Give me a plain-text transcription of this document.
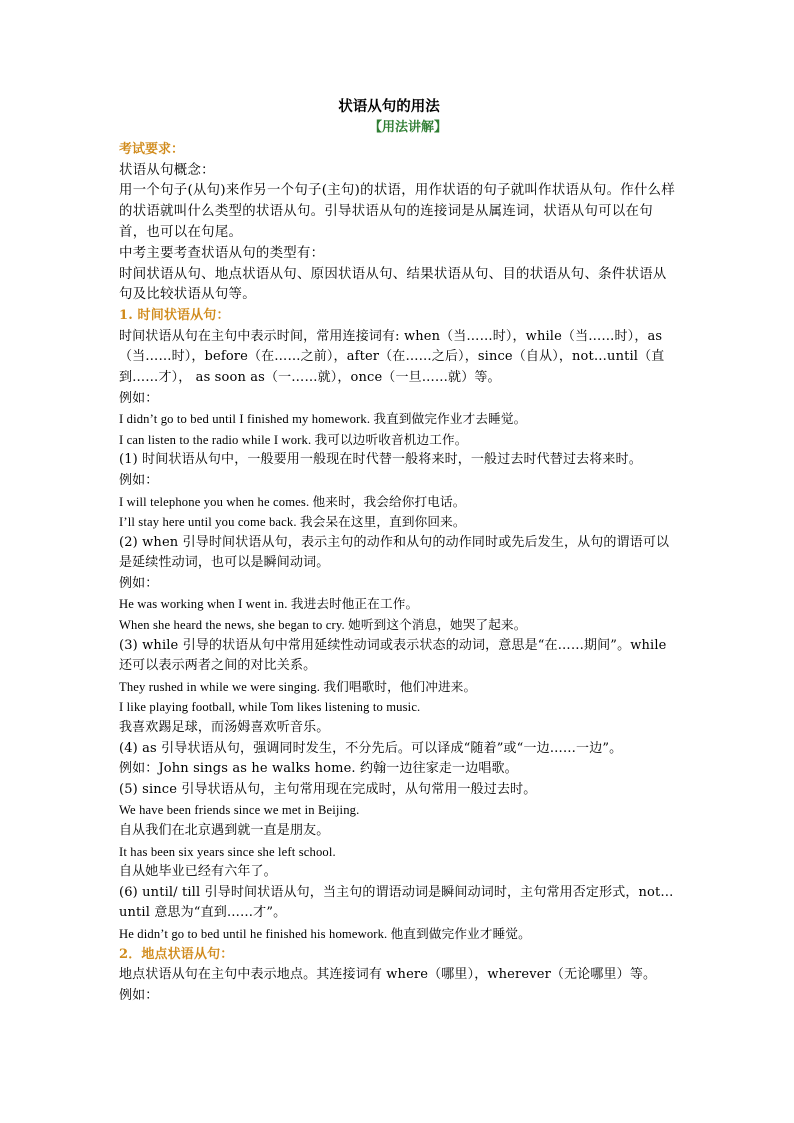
状语从句的用法
【用法讲解】
考试要求：

状语从句概念：

用一个句子(从句)来作另一个句子(主句)的状语，用作状语的句子就叫作状语从句。作什么样的状语就叫什么类型的状语从句。引导状语从句的连接词是从属连词，状语从句可以在句首，也可以在句尾。

中考主要考查状语从句的类型有：

时间状语从句、地点状语从句、原因状语从句、结果状语从句、目的状语从句、条件状语从句及比较状语从句等。

1. 时间状语从句：

时间状语从句在主句中表示时间，常用连接词有: when（当……时），while（当……时），as（当……时），before（在……之前），after（在……之后），since（自从），not…until（直到……才）， as soon as（一……就），once（一旦……就）等。

例如：

I didn’t go to bed until I finished my homework. 我直到做完作业才去睡觉。

I can listen to the radio while I work. 我可以边听收音机边工作。

(1) 时间状语从句中，一般要用一般现在时代替一般将来时，一般过去时代替过去将来时。

例如：

I will telephone you when he comes. 他来时，我会给你打电话。

I’ll stay here until you come back. 我会呆在这里，直到你回来。

(2) when 引导时间状语从句，表示主句的动作和从句的动作同时或先后发生，从句的谓语可以是延续性动词，也可以是瞬间动词。

例如：

He was working when I went in. 我进去时他正在工作。

When she heard the news, she began to cry. 她听到这个消息，她哭了起来。

(3) while 引导的状语从句中常用延续性动词或表示状态的动词，意思是“在……期间”。while 还可以表示两者之间的对比关系。

They rushed in while we were singing. 我们唱歌时，他们冲进来。

I like playing football, while Tom likes listening to music.

我喜欢踢足球，而汤姆喜欢听音乐。

(4) as 引导状语从句，强调同时发生，不分先后。可以译成“随着”或“一边……一边”。

例如：John sings as he walks home. 约翰一边往家走一边唱歌。

(5) since 引导状语从句，主句常用现在完成时，从句常用一般过去时。

We have been friends since we met in Beijing.

自从我们在北京遇到就一直是朋友。

It has been six years since she left school.

自从她毕业已经有六年了。

(6) until/ till 引导时间状语从句，当主句的谓语动词是瞬间动词时，主句常用否定形式，not…until 意思为“直到……才”。

He didn’t go to bed until he finished his homework. 他直到做完作业才睡觉。

2．地点状语从句：

地点状语从句在主句中表示地点。其连接词有 where（哪里），wherever（无论哪里）等。

例如：
